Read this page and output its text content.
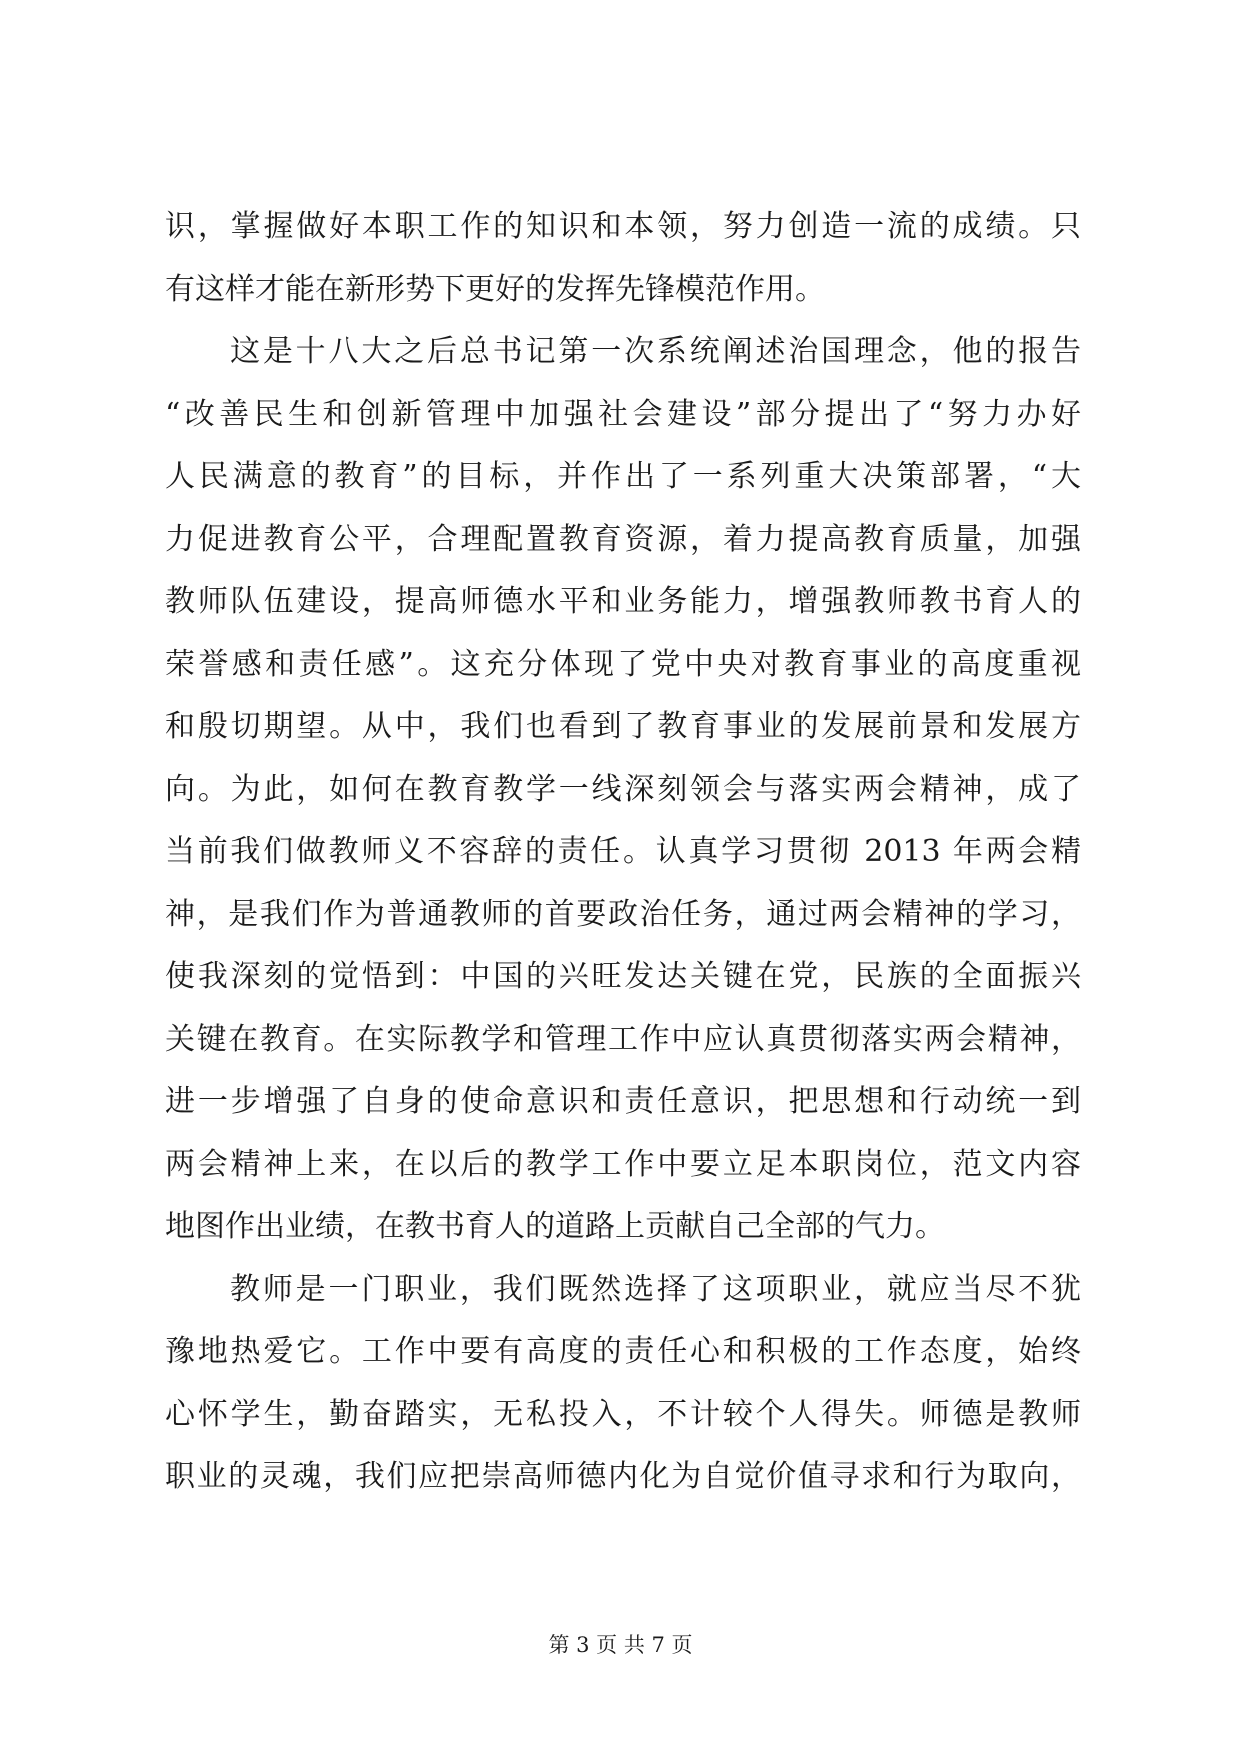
识，掌握做好本职工作的知识和本领，努力创造一流的成绩。只
有这样才能在新形势下更好的发挥先锋模范作用。
这是十八大之后总书记第一次系统阐述治国理念，他的报告
“改善民生和创新管理中加强社会建设”部分提出了“努力办好
人民满意的教育”的目标，并作出了一系列重大决策部署，“大
力促进教育公平，合理配置教育资源，着力提高教育质量，加强
教师队伍建设，提高师德水平和业务能力，增强教师教书育人的
荣誉感和责任感”。这充分体现了党中央对教育事业的高度重视
和殷切期望。从中，我们也看到了教育事业的发展前景和发展方
向。为此，如何在教育教学一线深刻领会与落实两会精神，成了
当前我们做教师义不容辞的责任。认真学习贯彻 2013 年两会精
神，是我们作为普通教师的首要政治任务，通过两会精神的学习，
使我深刻的觉悟到：中国的兴旺发达关键在党，民族的全面振兴
关键在教育。在实际教学和管理工作中应认真贯彻落实两会精神，
进一步增强了自身的使命意识和责任意识，把思想和行动统一到
两会精神上来，在以后的教学工作中要立足本职岗位，范文内容
地图作出业绩，在教书育人的道路上贡献自己全部的气力。
教师是一门职业，我们既然选择了这项职业，就应当尽不犹
豫地热爱它。工作中要有高度的责任心和积极的工作态度，始终
心怀学生，勤奋踏实，无私投入，不计较个人得失。师德是教师
职业的灵魂，我们应把崇高师德内化为自觉价值寻求和行为取向，
第 3 页 共 7 页
